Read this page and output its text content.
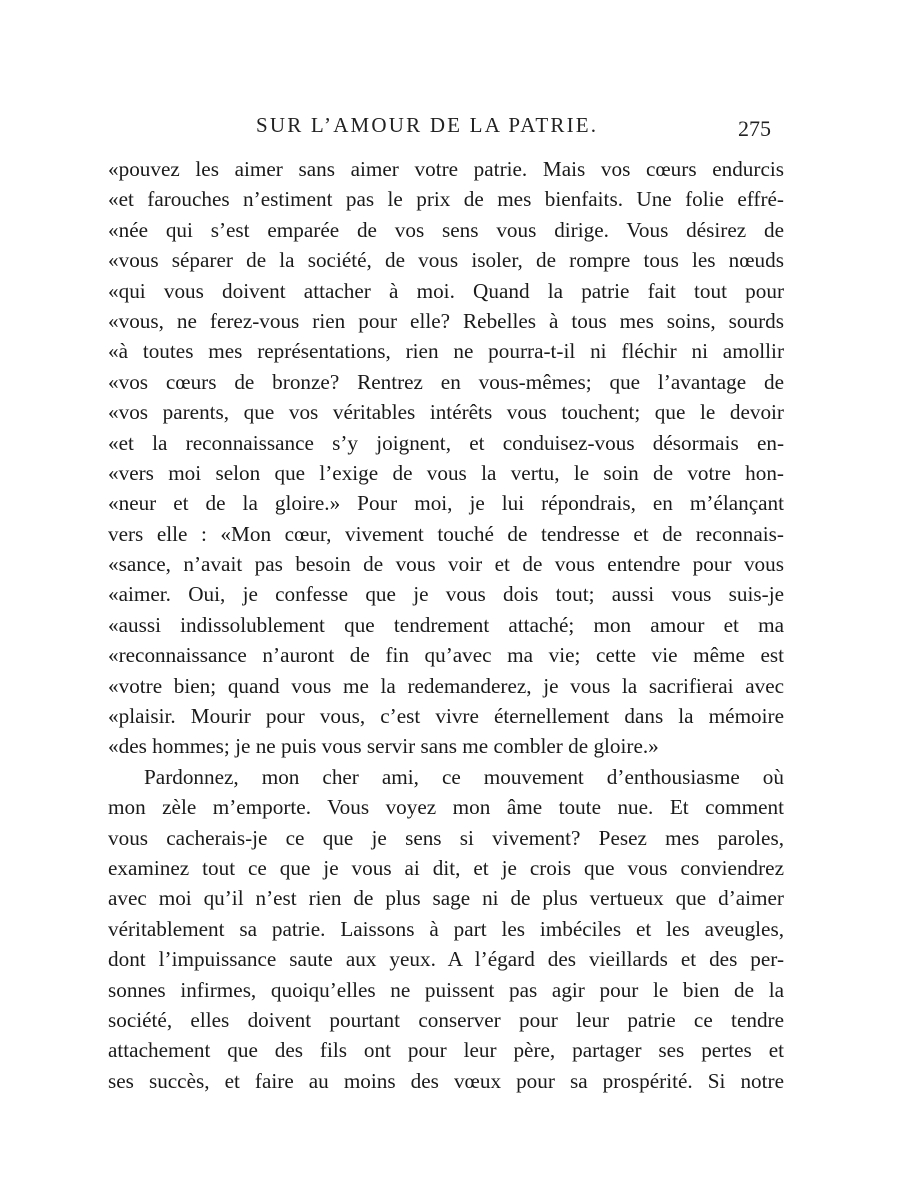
SUR L’AMOUR DE LA PATRIE.	275
«pouvez les aimer sans aimer votre patrie. Mais vos cœurs endurcis
«et farouches n’estiment pas le prix de mes bienfaits. Une folie effré-
«née qui s’est emparée de vos sens vous dirige. Vous désirez de
«vous séparer de la société, de vous isoler, de rompre tous les nœuds
«qui vous doivent attacher à moi. Quand la patrie fait tout pour
«vous, ne ferez-vous rien pour elle? Rebelles à tous mes soins, sourds
«à toutes mes représentations, rien ne pourra-t-il ni fléchir ni amollir
«vos cœurs de bronze? Rentrez en vous-mêmes; que l’avantage de
«vos parents, que vos véritables intérêts vous touchent; que le devoir
«et la reconnaissance s’y joignent, et conduisez-vous désormais en-
«vers moi selon que l’exige de vous la vertu, le soin de votre hon-
«neur et de la gloire.» Pour moi, je lui répondrais, en m’élançant
vers elle : «Mon cœur, vivement touché de tendresse et de reconnais-
«sance, n’avait pas besoin de vous voir et de vous entendre pour vous
«aimer. Oui, je confesse que je vous dois tout; aussi vous suis-je
«aussi indissolublement que tendrement attaché; mon amour et ma
«reconnaissance n’auront de fin qu’avec ma vie; cette vie même est
«votre bien; quand vous me la redemanderez, je vous la sacrifierai avec
«plaisir. Mourir pour vous, c’est vivre éternellement dans la mémoire
«des hommes; je ne puis vous servir sans me combler de gloire.»
Pardonnez, mon cher ami, ce mouvement d’enthousiasme où
mon zèle m’emporte. Vous voyez mon âme toute nue. Et comment
vous cacherais-je ce que je sens si vivement? Pesez mes paroles,
examinez tout ce que je vous ai dit, et je crois que vous conviendrez
avec moi qu’il n’est rien de plus sage ni de plus vertueux que d’aimer
véritablement sa patrie. Laissons à part les imbéciles et les aveugles,
dont l’impuissance saute aux yeux. A l’égard des vieillards et des per-
sonnes infirmes, quoiqu’elles ne puissent pas agir pour le bien de la
société, elles doivent pourtant conserver pour leur patrie ce tendre
attachement que des fils ont pour leur père, partager ses pertes et
ses succès, et faire au moins des vœux pour sa prospérité. Si notre
